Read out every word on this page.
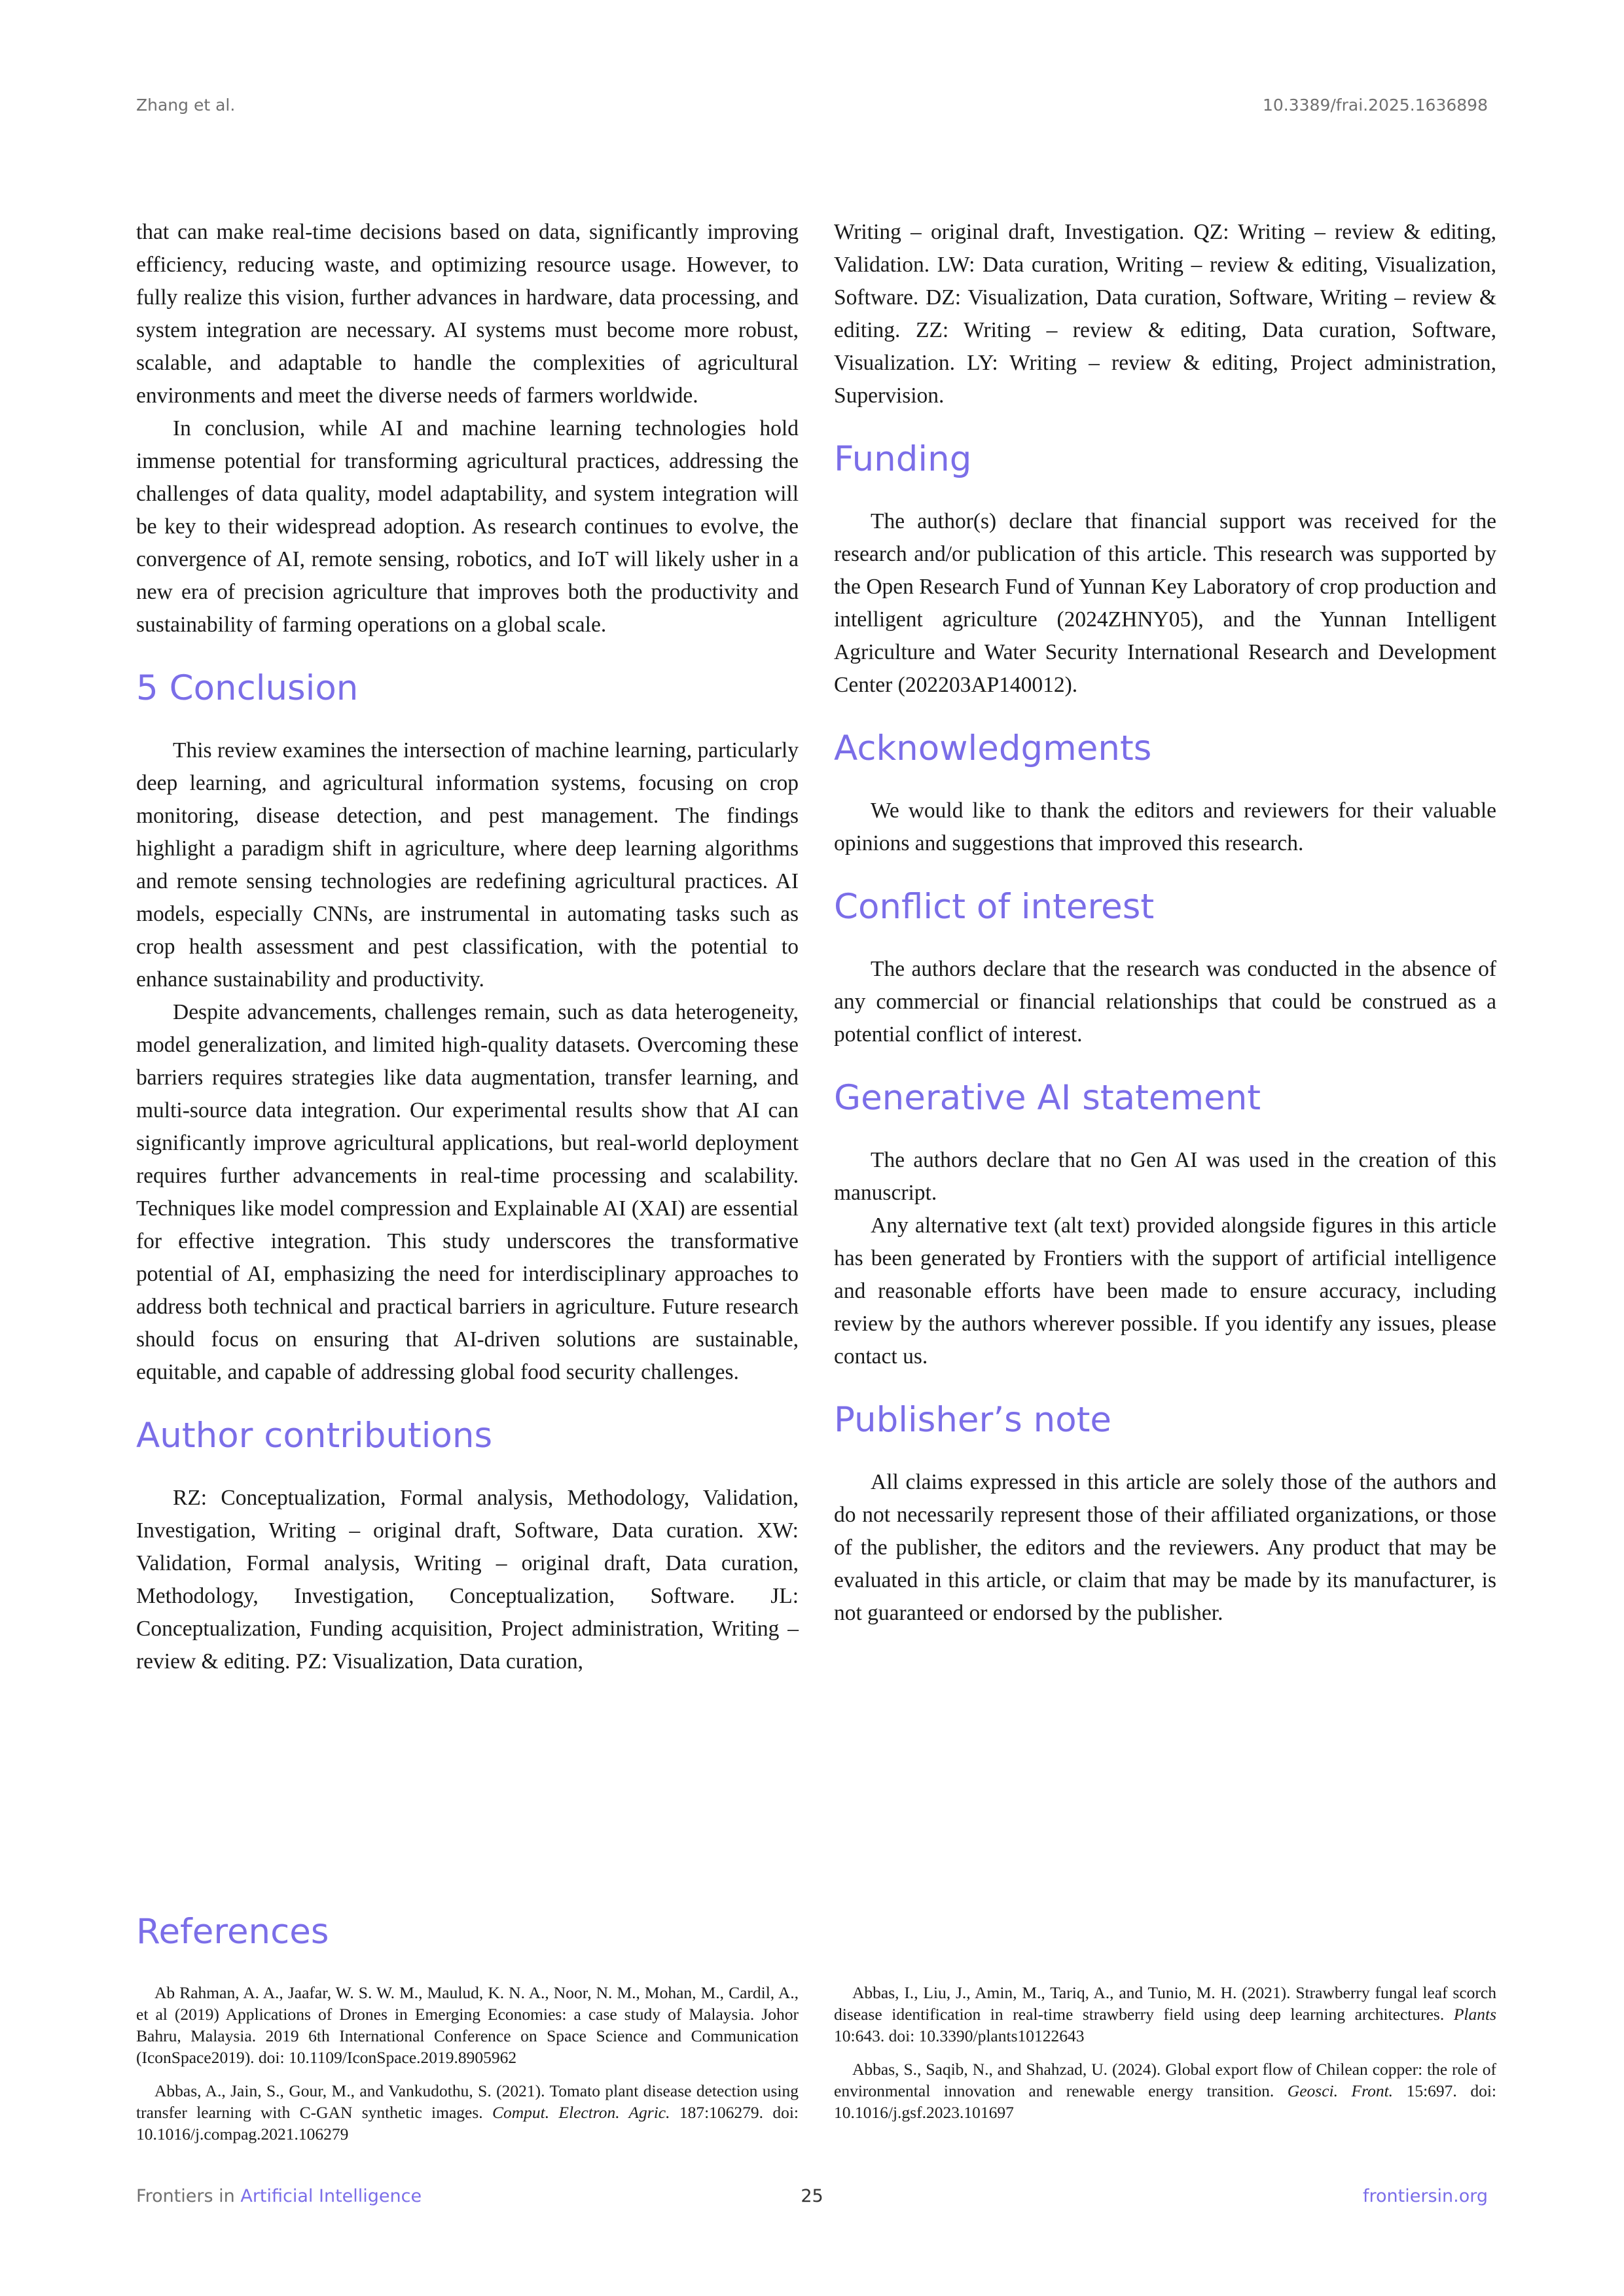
Zhang et al.	10.3389/frai.2025.1636898

that can make real-time decisions based on data, significantly improving efficiency, reducing waste, and optimizing resource usage. However, to fully realize this vision, further advances in hardware, data processing, and system integration are necessary. AI systems must become more robust, scalable, and adaptable to handle the complexities of agricultural environments and meet the diverse needs of farmers worldwide.

In conclusion, while AI and machine learning technologies hold immense potential for transforming agricultural practices, addressing the challenges of data quality, model adaptability, and system integration will be key to their widespread adoption. As research continues to evolve, the convergence of AI, remote sensing, robotics, and IoT will likely usher in a new era of precision agriculture that improves both the productivity and sustainability of farming operations on a global scale.

5 Conclusion

This review examines the intersection of machine learning, particularly deep learning, and agricultural information systems, focusing on crop monitoring, disease detection, and pest management. The findings highlight a paradigm shift in agriculture, where deep learning algorithms and remote sensing technologies are redefining agricultural practices. AI models, especially CNNs, are instrumental in automating tasks such as crop health assessment and pest classification, with the potential to enhance sustainability and productivity.

Despite advancements, challenges remain, such as data heterogeneity, model generalization, and limited high-quality datasets. Overcoming these barriers requires strategies like data augmentation, transfer learning, and multi-source data integration. Our experimental results show that AI can significantly improve agricultural applications, but real-world deployment requires further advancements in real-time processing and scalability. Techniques like model compression and Explainable AI (XAI) are essential for effective integration. This study underscores the transformative potential of AI, emphasizing the need for interdisciplinary approaches to address both technical and practical barriers in agriculture. Future research should focus on ensuring that AI-driven solutions are sustainable, equitable, and capable of addressing global food security challenges.

Author contributions

RZ: Conceptualization, Formal analysis, Methodology, Validation, Investigation, Writing – original draft, Software, Data curation. XW: Validation, Formal analysis, Writing – original draft, Data curation, Methodology, Investigation, Conceptualization, Software. JL: Conceptualization, Funding acquisition, Project administration, Writing – review & editing. PZ: Visualization, Data curation,

Writing – original draft, Investigation. QZ: Writing – review & editing, Validation. LW: Data curation, Writing – review & editing, Visualization, Software. DZ: Visualization, Data curation, Software, Writing – review & editing. ZZ: Writing – review & editing, Data curation, Software, Visualization. LY: Writing – review & editing, Project administration, Supervision.

Funding

The author(s) declare that financial support was received for the research and/or publication of this article. This research was supported by the Open Research Fund of Yunnan Key Laboratory of crop production and intelligent agriculture (2024ZHNY05), and the Yunnan Intelligent Agriculture and Water Security International Research and Development Center (202203AP140012).

Acknowledgments

We would like to thank the editors and reviewers for their valuable opinions and suggestions that improved this research.

Conflict of interest

The authors declare that the research was conducted in the absence of any commercial or financial relationships that could be construed as a potential conflict of interest.

Generative AI statement

The authors declare that no Gen AI was used in the creation of this manuscript.

Any alternative text (alt text) provided alongside figures in this article has been generated by Frontiers with the support of artificial intelligence and reasonable efforts have been made to ensure accuracy, including review by the authors wherever possible. If you identify any issues, please contact us.

Publisher’s note

All claims expressed in this article are solely those of the authors and do not necessarily represent those of their affiliated organizations, or those of the publisher, the editors and the reviewers. Any product that may be evaluated in this article, or claim that may be made by its manufacturer, is not guaranteed or endorsed by the publisher.

References

Ab Rahman, A. A., Jaafar, W. S. W. M., Maulud, K. N. A., Noor, N. M., Mohan, M., Cardil, A., et al (2019) Applications of Drones in Emerging Economies: a case study of Malaysia. Johor Bahru, Malaysia. 2019 6th International Conference on Space Science and Communication (IconSpace2019). doi: 10.1109/IconSpace.2019.8905962

Abbas, A., Jain, S., Gour, M., and Vankudothu, S. (2021). Tomato plant disease detection using transfer learning with C-GAN synthetic images. Comput. Electron. Agric. 187:106279. doi: 10.1016/j.compag.2021.106279

Abbas, I., Liu, J., Amin, M., Tariq, A., and Tunio, M. H. (2021). Strawberry fungal leaf scorch disease identification in real-time strawberry field using deep learning architectures. Plants 10:643. doi: 10.3390/plants10122643

Abbas, S., Saqib, N., and Shahzad, U. (2024). Global export flow of Chilean copper: the role of environmental innovation and renewable energy transition. Geosci. Front. 15:697. doi: 10.1016/j.gsf.2023.101697

Frontiers in Artificial Intelligence	25	frontiersin.org
